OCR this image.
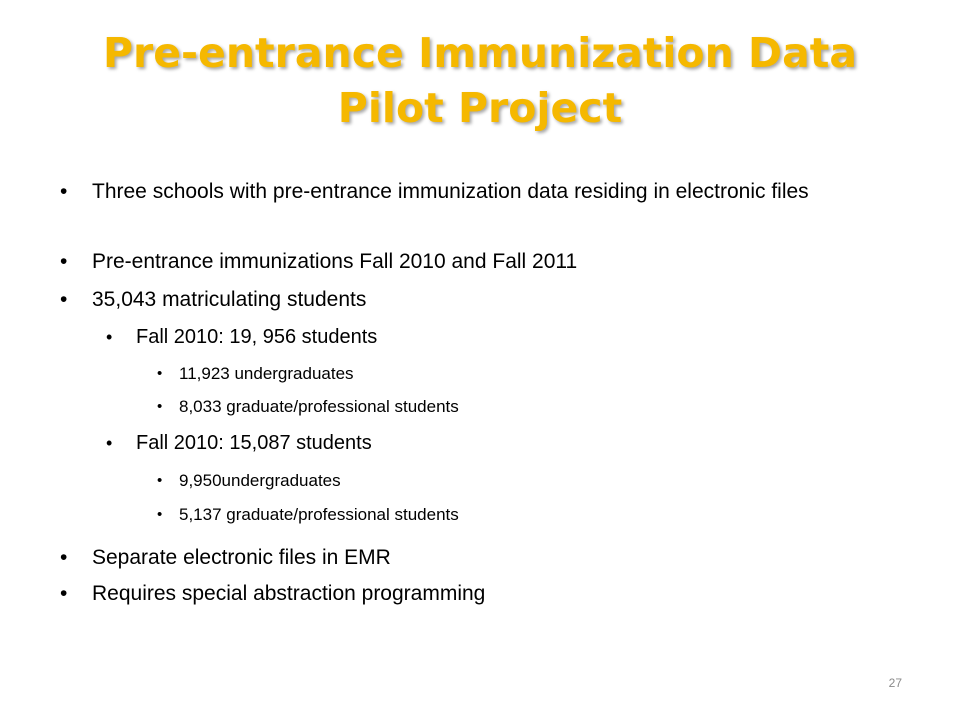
Pre-entrance Immunization Data
Pilot Project
•	Three schools with pre-entrance immunization data residing in electronic files
•	Pre-entrance immunizations Fall 2010 and Fall 2011
•	35,043 matriculating students
•	Fall 2010: 19, 956 students
• 11,923 undergraduates
• 8,033 graduate/professional students
•	Fall 2010: 15,087 students
• 9,950undergraduates
• 5,137 graduate/professional students
•	Separate electronic files in EMR
•	Requires special abstraction programming
27
